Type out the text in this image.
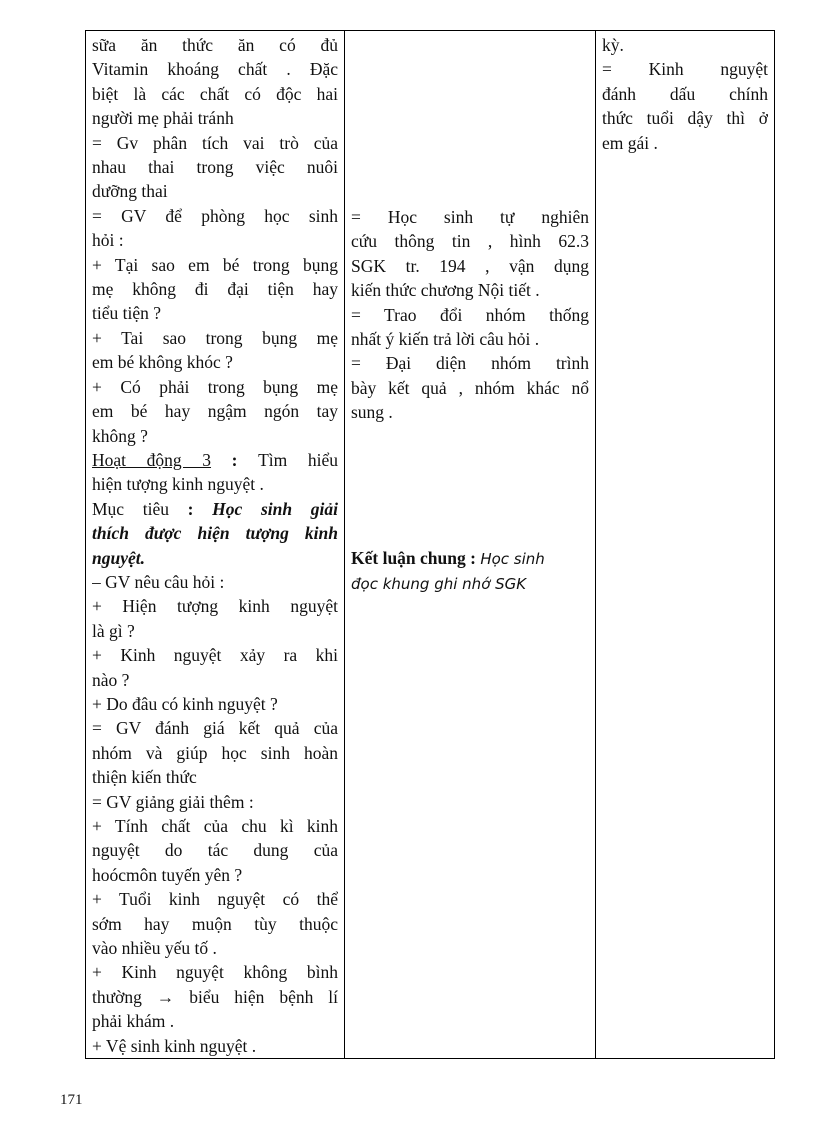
sữa ăn thức ăn có đủ
Vitamin khoáng chất . Đặc
biệt là các chất có độc hai
người mẹ phải tránh
= Gv phân tích vai trò của
nhau thai trong việc nuôi
dưỡng thai
= GV để phòng học sinh
hỏi :
+ Tại sao em bé trong bụng
mẹ không đi đại tiện hay
tiểu tiện ?
+ Tai sao trong bụng mẹ
em bé không khóc ?
+ Có phải trong bụng mẹ
em bé hay ngậm ngón tay
không ?
Hoạt động 3 : Tìm hiểu
hiện tượng kinh nguyệt .
Mục tiêu : Học sinh giải
thích được hiện tượng kinh
nguyệt.
– GV nêu câu hỏi :
+ Hiện tượng kinh nguyệt
là gì ?
+ Kinh nguyệt xảy ra khi
nào ?
+ Do đâu có kinh nguyệt ?
= GV đánh giá kết quả của
nhóm và giúp học sinh hoàn
thiện kiến thức
= GV giảng giải thêm :
+ Tính chất của chu kì kinh
nguyệt do tác dung của
hoócmôn tuyến yên ?
+ Tuổi kinh nguyệt có thể
sớm hay muộn tùy thuộc
vào nhiều yếu tố .
+ Kinh nguyệt không bình
thường → biểu hiện bệnh lí
phải khám .
+ Vệ sinh kinh nguyệt .

= Học sinh tự nghiên
cứu thông tin , hình 62.3
SGK tr. 194 , vận dụng
kiến thức chương Nội tiết .
= Trao đổi nhóm thống
nhất ý kiến trả lời câu hỏi .
= Đại diện nhóm trình
bày kết quả , nhóm khác nổ
sung .
Kết luận chung : Học sinh
đọc khung ghi nhớ SGK

kỳ.
= Kinh nguyệt
đánh dấu chính
thức tuổi dậy thì ở
em gái .
171
